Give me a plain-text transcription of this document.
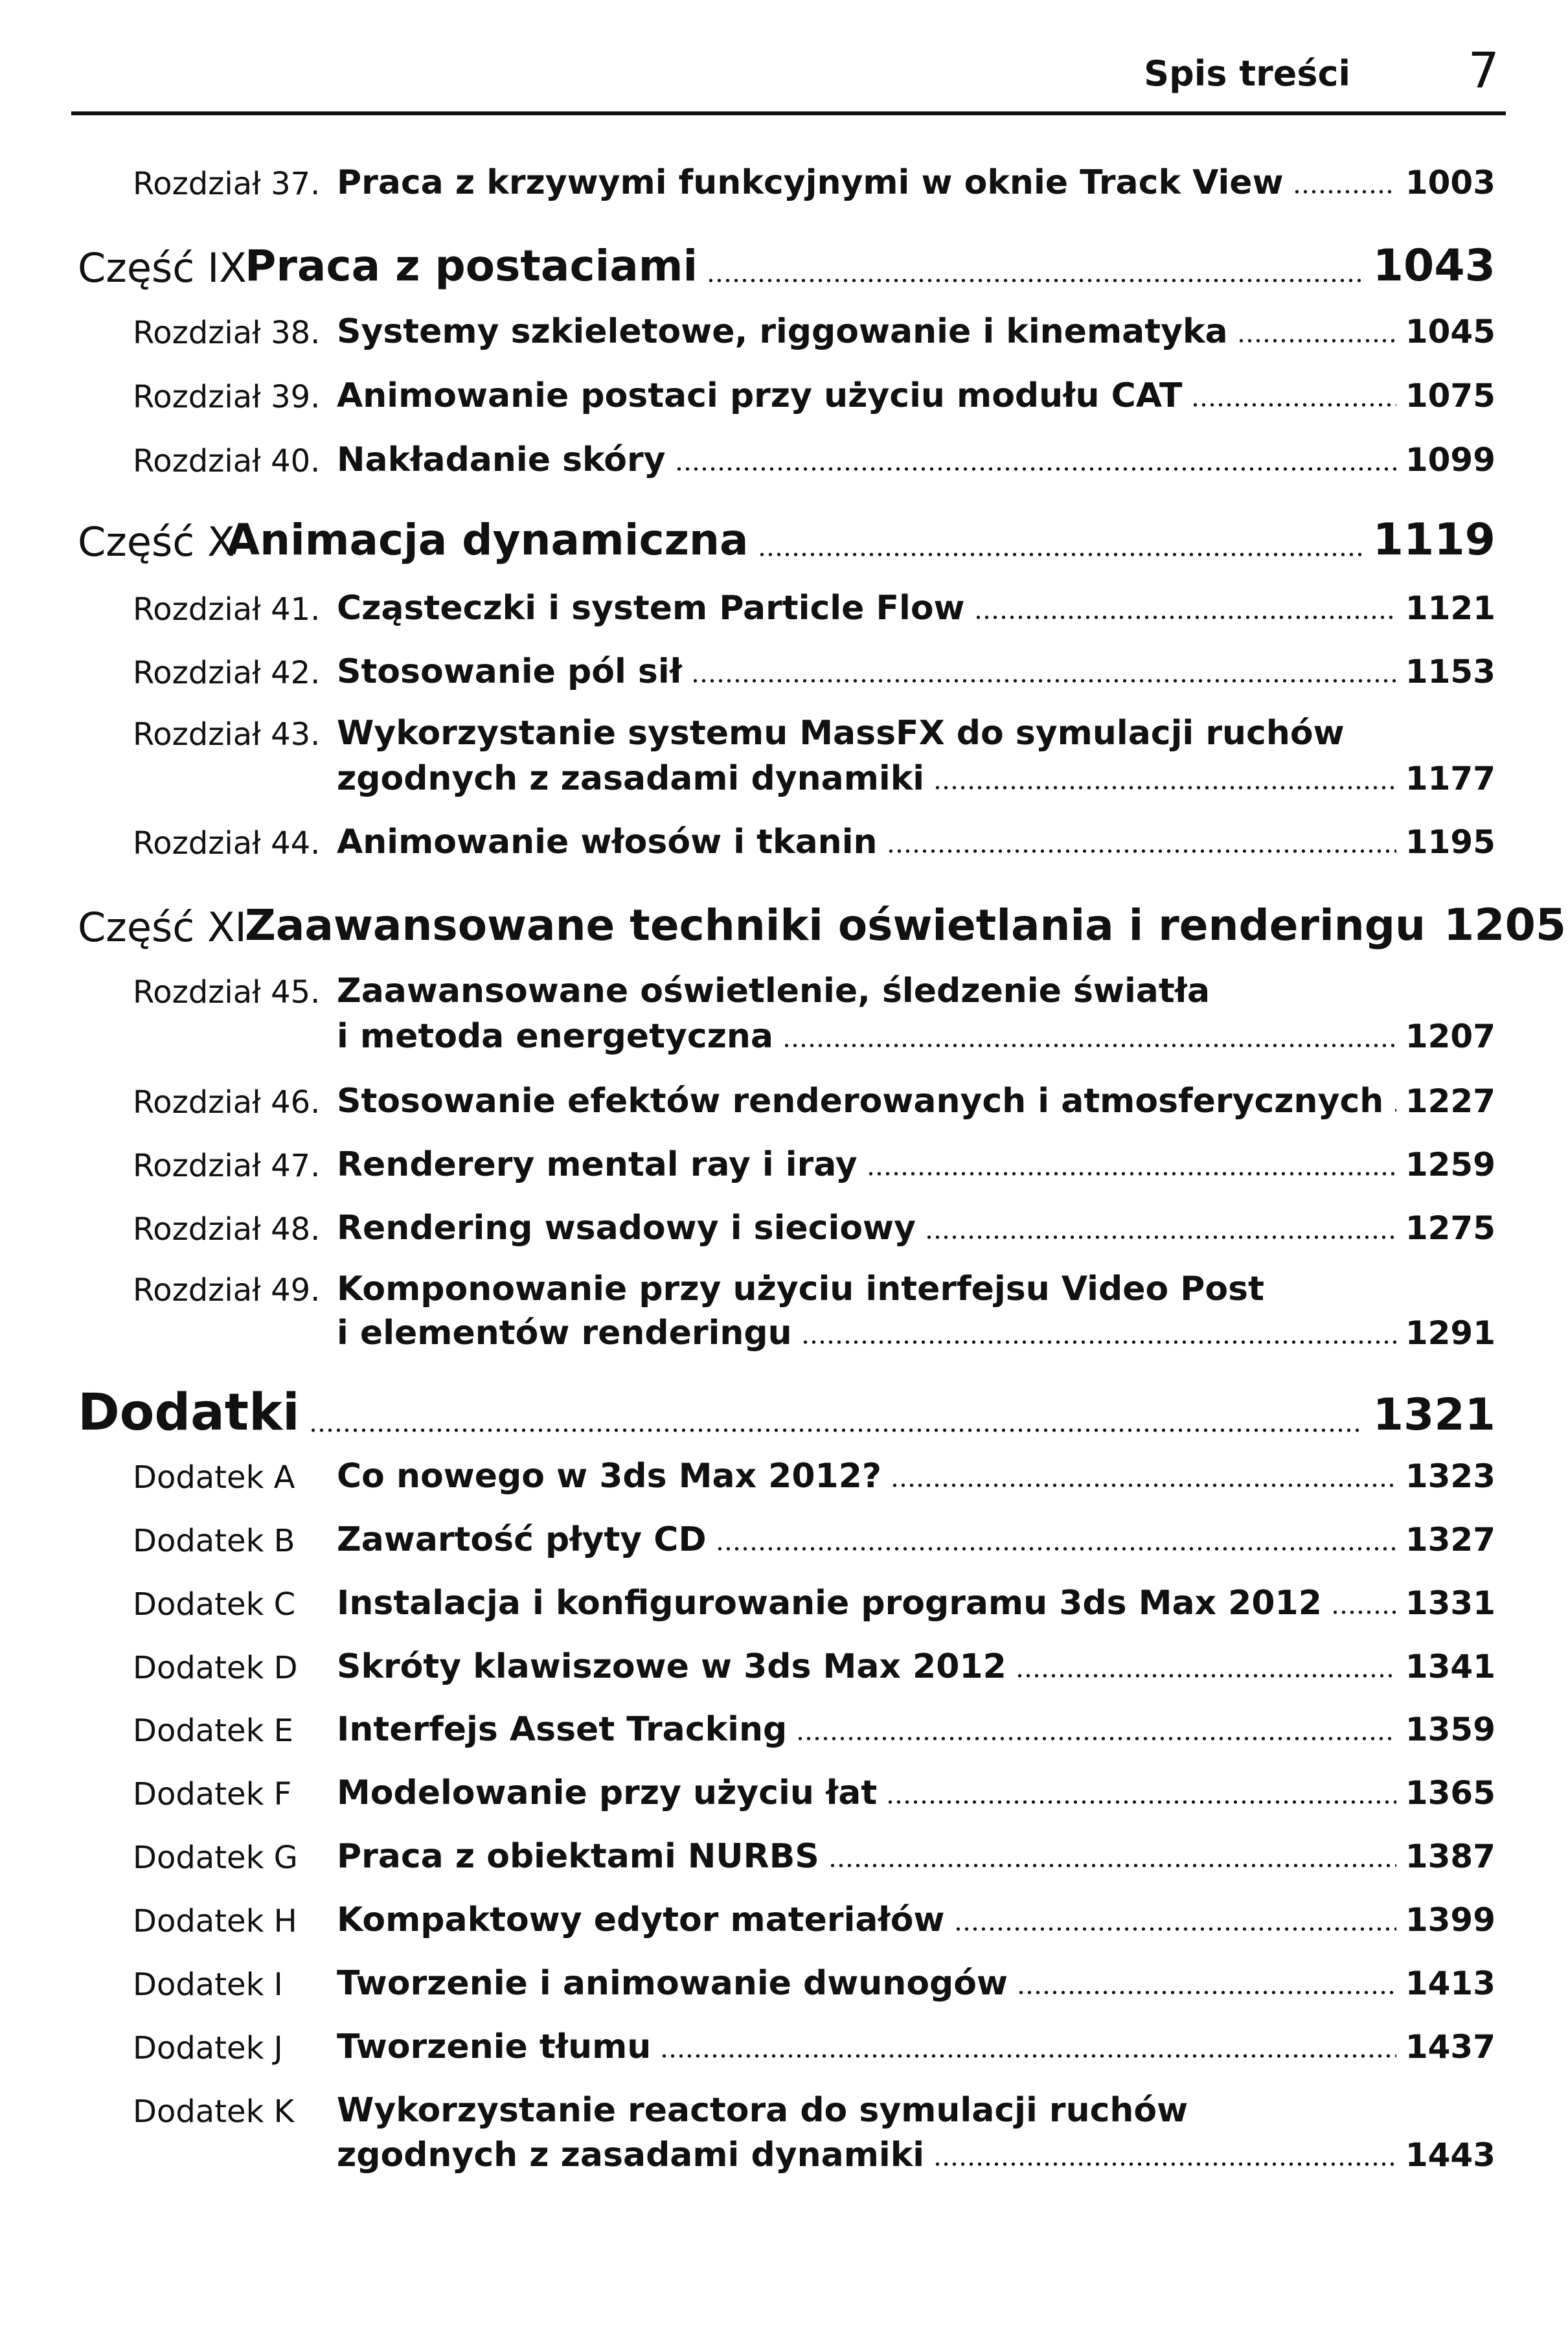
Spis treści 7
Rozdział 37. Praca z krzywymi funkcyjnymi w oknie Track View	1003
Część IX
Praca z postaciami	1043
Rozdział 38. Systemy szkieletowe, riggowanie i kinematyka	1045
Rozdział 39. Animowanie postaci przy użyciu modułu CAT	1075
Rozdział 40. Nakładanie skóry	1099
Część X
Animacja dynamiczna	1119
Rozdział 41. Cząsteczki i system Particle Flow	1121
Rozdział 42. Stosowanie pól sił	1153
Rozdział 43. Wykorzystanie systemu MassFX do symulacji ruchów
zgodnych z zasadami dynamiki	1177
Rozdział 44. Animowanie włosów i tkanin	1195
Część XI
Zaawansowane techniki oświetlania i renderingu 1205
Rozdział 45. Zaawansowane oświetlenie, śledzenie światła
i metoda energetyczna	1207
Rozdział 46. Stosowanie efektów renderowanych i atmosferycznych 1227
Rozdział 47. Renderery mental ray i iray	1259
Rozdział 48. Rendering wsadowy i sieciowy	1275
Rozdział 49. Komponowanie przy użyciu interfejsu Video Post
i elementów renderingu	1291
Dodatki	1321
Dodatek A Co nowego w 3ds Max 2012?	1323
Dodatek B Zawartość płyty CD	1327
Dodatek C Instalacja i konfigurowanie programu 3ds Max 2012	1331
Dodatek D Skróty klawiszowe w 3ds Max 2012	1341
Dodatek E Interfejs Asset Tracking	1359
Dodatek F Modelowanie przy użyciu łat	1365
Dodatek G Praca z obiektami NURBS	1387
Dodatek H Kompaktowy edytor materiałów	1399
Dodatek I Tworzenie i animowanie dwunogów	1413
Dodatek J Tworzenie tłumu	1437
Dodatek K Wykorzystanie reactora do symulacji ruchów
zgodnych z zasadami dynamiki	1443
